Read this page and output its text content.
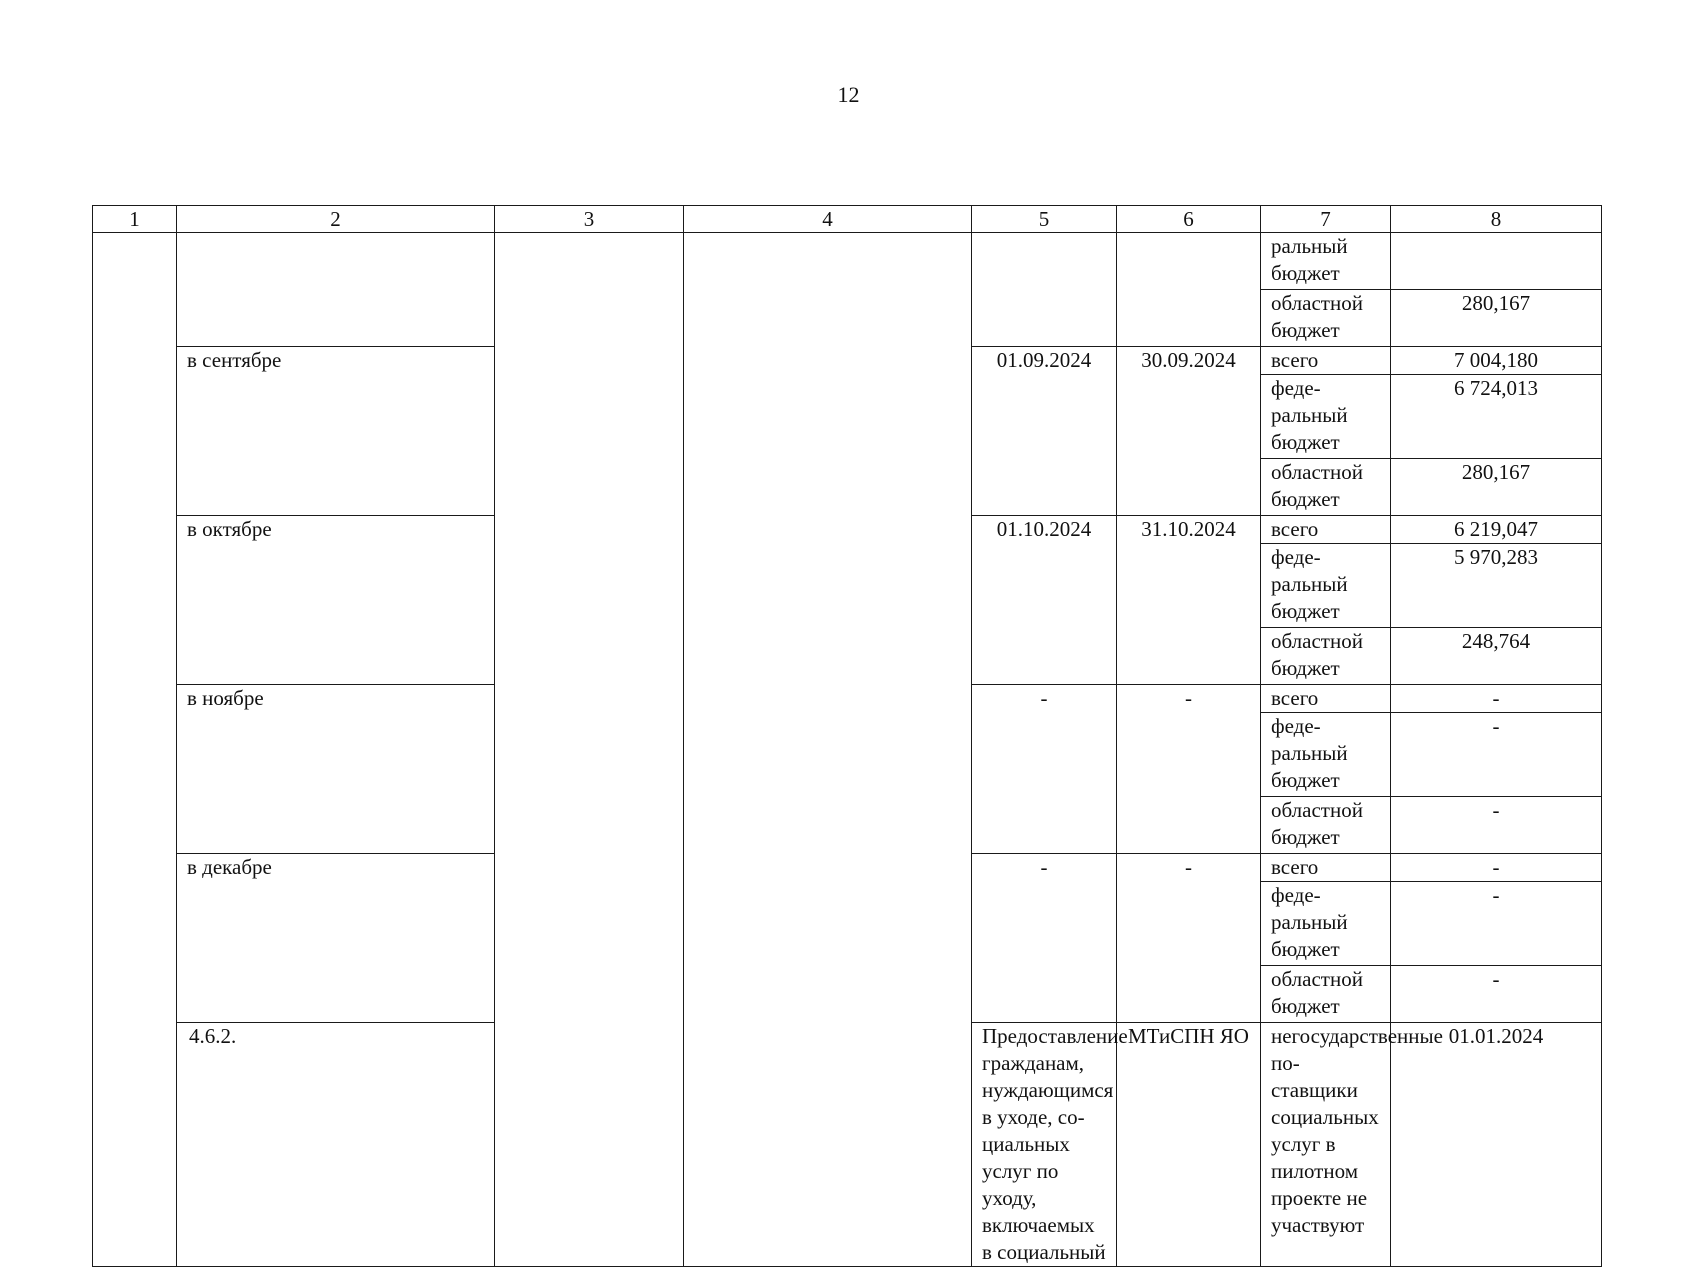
12
1	2	3	4	5	6	7	8	
						ральный бюджет		
						областной бюджет	280,167	
	в сентябре			01.09.2024	30.09.2024	всего	7 004,180	
						феде-ральный бюджет	6 724,013	
						областной бюджет	280,167	
	в октябре			01.10.2024	31.10.2024	всего	6 219,047	
						феде-ральный бюджет	5 970,283	
						областной бюджет	248,764	
	в ноябре			-	-	всего	-	
						феде-ральный бюджет	-	
						областной бюджет	-	
	в декабре			-	-	всего	-	
						феде-ральный бюджет	-	
						областной бюджет	-	
	4.6.2.			Предоставление гражданам, нуждающимся в уходе, со-циальных услуг по уходу, включаемых в социальный	МТиСПН ЯО	негосударственные по-ставщики социальных услуг в пилотном проекте не участвуют	01.01.2024			
